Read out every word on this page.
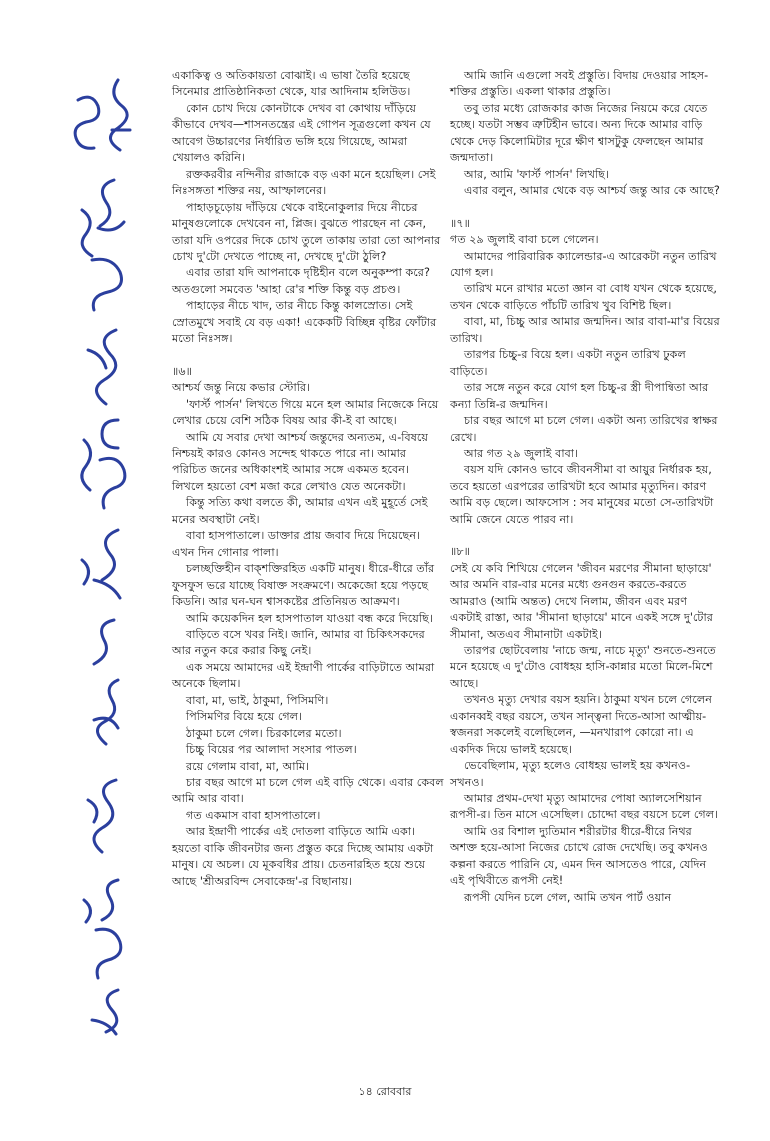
একাকিত্ব ও অতিকায়তা বোঝাই। এ ভাষা তৈরি হয়েছে সিনেমার প্রাতিষ্ঠানিকতা থেকে, যার আদিনাম হলিউড।

কোন চোখ দিয়ে কোনটাকে দেখব বা কোথায় দাঁড়িয়ে কীভাবে দেখব—শাসনতন্ত্রের এই গোপন সূত্রগুলো কখন যে আবেগ উচ্চারণের নির্ধারিত ভঙ্গি হয়ে গিয়েছে, আমরা খেয়ালও করিনি।

রক্তকরবীর নন্দিনীর রাজাকে বড় একা মনে হয়েছিল। সেই নিঃসঙ্গতা শক্তির নয়, আস্ফালনের।

পাহাড়চূড়োয় দাঁড়িয়ে থেকে বাইনোকুলার দিয়ে নীচের মানুষগুলোকে দেখবেন না, প্লিজ। বুঝতে পারছেন না কেন, তারা যদি ওপরের দিকে চোখ তুলে তাকায় তারা তো আপনার চোখ দু'টো দেখতে পাচ্ছে না, দেখছে দু'টো ঠুলি?

এবার তারা যদি আপনাকে দৃষ্টিহীন বলে অনুকম্পা করে? অতগুলো সমবেত 'আহা রে'র শক্তি কিন্তু বড় প্রচণ্ড।

পাহাড়ের নীচে খাদ, তার নীচে কিন্তু কালস্রোত। সেই স্রোতমুখে সবাই যে বড় একা! একেকটি বিচ্ছিন্ন বৃষ্টির ফোঁটার মতো নিঃসঙ্গ।

॥৬॥

আশ্চর্য জন্তু নিয়ে কভার স্টোরি।

'ফার্স্ট পার্সন' লিখতে গিয়ে মনে হল আমার নিজেকে নিয়ে লেখার চেয়ে বেশি সঠিক বিষয় আর কী-ই বা আছে।

আমি যে সবার দেখা আশ্চর্য জন্তুদের অন্যতম, এ-বিষয়ে নিশ্চয়ই কারও কোনও সন্দেহ থাকতে পারে না। আমার পরিচিত জনের অধিকাংশই আমার সঙ্গে একমত হবেন। লিখলে হয়তো বেশ মজা করে লেখাও যেত অনেকটা।

কিন্তু সত্যি কথা বলতে কী, আমার এখন এই মুহূর্তে সেই মনের অবস্থাটা নেই।

বাবা হাসপাতালে। ডাক্তার প্রায় জবাব দিয়ে দিয়েছেন। এখন দিন গোনার পালা।

চলচ্ছক্তিহীন বাক্শক্তিরহিত একটি মানুষ। ধীরে-ধীরে তাঁর ফুসফুস ভরে যাচ্ছে বিষাক্ত সংক্রমণে। অকেজো হয়ে পড়ছে কিডনি। আর ঘন-ঘন শ্বাসকষ্টের প্রতিনিয়ত আক্রমণ।

আমি কয়েকদিন হল হাসপাতাল যাওয়া বন্ধ করে দিয়েছি।

বাড়িতে বসে খবর নিই। জানি, আমার বা চিকিৎসকদের আর নতুন করে করার কিছু নেই।

এক সময়ে আমাদের এই ইন্দ্রাণী পার্কের বাড়িটাতে আমরা অনেকে ছিলাম।

বাবা, মা, ভাই, ঠাকুমা, পিসিমণি।

পিসিমণির বিয়ে হয়ে গেল।

ঠাকুমা চলে গেল। চিরকালের মতো।

চিচ্চু বিয়ের পর আলাদা সংসার পাতল।

রয়ে গেলাম বাবা, মা, আমি।

চার বছর আগে মা চলে গেল এই বাড়ি থেকে। এবার কেবল আমি আর বাবা।

গত একমাস বাবা হাসপাতালে।

আর ইন্দ্রাণী পার্কের এই দোতলা বাড়িতে আমি একা। হয়তো বাকি জীবনটার জন্য প্রস্তুত করে দিচ্ছে আমায় একটা মানুষ। যে অচল। যে মূকবধির প্রায়। চেতনারহিত হয়ে শুয়ে আছে 'শ্রীঅরবিন্দ সেবাকেন্দ্র'-র বিছানায়।

আমি জানি এগুলো সবই প্রস্তুতি। বিদায় দেওয়ার সাহস-শক্তির প্রস্তুতি। একলা থাকার প্রস্তুতি।

তবু তার মধ্যে রোজকার কাজ নিজের নিয়মে করে যেতে হচ্ছে। যতটা সম্ভব ত্রুটিহীন ভাবে। অন্য দিকে আমার বাড়ি থেকে দেড় কিলোমিটার দূরে ক্ষীণ শ্বাসটুকু ফেলছেন আমার জন্মদাতা।

আর, আমি 'ফার্স্ট পার্সন' লিখছি।

এবার বলুন, আমার থেকে বড় আশ্চর্য জন্তু আর কে আছে?

॥৭॥

গত ২৯ জুলাই বাবা চলে গেলেন।

আমাদের পারিবারিক ক্যালেন্ডার-এ আরেকটা নতুন তারিখ যোগ হল।

তারিখ মনে রাখার মতো জ্ঞান বা বোধ যখন থেকে হয়েছে, তখন থেকে বাড়িতে পাঁচটি তারিখ খুব বিশিষ্ট ছিল।

বাবা, মা, চিচ্চু আর আমার জন্মদিন। আর বাবা-মা'র বিয়ের তারিখ।

তারপর চিচ্চু-র বিয়ে হল। একটা নতুন তারিখ ঢুকল বাড়িতে।

তার সঙ্গে নতুন করে যোগ হল চিচ্চু-র স্ত্রী দীপান্বিতা আর কন্যা তিন্নি-র জন্মদিন।

চার বছর আগে মা চলে গেল। একটা অন্য তারিখের স্বাক্ষর রেখে।

আর গত ২৯ জুলাই বাবা।

বয়স যদি কোনও ভাবে জীবনসীমা বা আয়ুর নির্ধারক হয়, তবে হয়তো এরপরের তারিখটা হবে আমার মৃত্যুদিন। কারণ আমি বড় ছেলে। আফসোস : সব মানুষের মতো সে-তারিখটা আমি জেনে যেতে পারব না।

॥৮॥

সেই যে কবি শিখিয়ে গেলেন 'জীবন মরণের সীমানা ছাড়ায়ে' আর অমনি বার-বার মনের মধ্যে গুনগুন করতে-করতে আমরাও (আমি অন্তত) দেখে নিলাম, জীবন এবং মরণ একটাই রাস্তা, আর 'সীমানা ছাড়ায়ে' মানে একই সঙ্গে দু'টোর সীমানা, অতএব সীমানাটা একটাই।

তারপর ছোটবেলায় 'নাচে জন্ম, নাচে মৃত্যু' শুনতে-শুনতে মনে হয়েছে এ দু'টোও বোধহয় হাসি-কান্নার মতো মিলে-মিশে আছে।

তখনও মৃত্যু দেখার বয়স হয়নি। ঠাকুমা যখন চলে গেলেন একানব্বই বছর বয়সে, তখন সান্ত্বনা দিতে-আসা আত্মীয়-স্বজনরা সকলেই বলেছিলেন, —মনখারাপ কোরো না। এ একদিক দিয়ে ভালই হয়েছে।

ভেবেছিলাম, মৃত্যু হলেও বোধহয় ভালই হয় কখনও-সখনও।

আমার প্রথম-দেখা মৃত্যু আমাদের পোষা অ্যালসেশিয়ান রূপসী-র। তিন মাসে এসেছিল। চোদ্দো বছর বয়সে চলে গেল।

আমি ওর বিশাল দ্যুতিমান শরীরটার ধীরে-ধীরে নিথর অশক্ত হয়ে-আসা নিজের চোখে রোজ দেখেছি। তবু কখনও কল্পনা করতে পারিনি যে, এমন দিন আসতেও পারে, যেদিন এই পৃথিবীতে রূপসী নেই!

রূপসী যেদিন চলে গেল, আমি তখন পার্ট ওয়ান

১৪ রোববার
